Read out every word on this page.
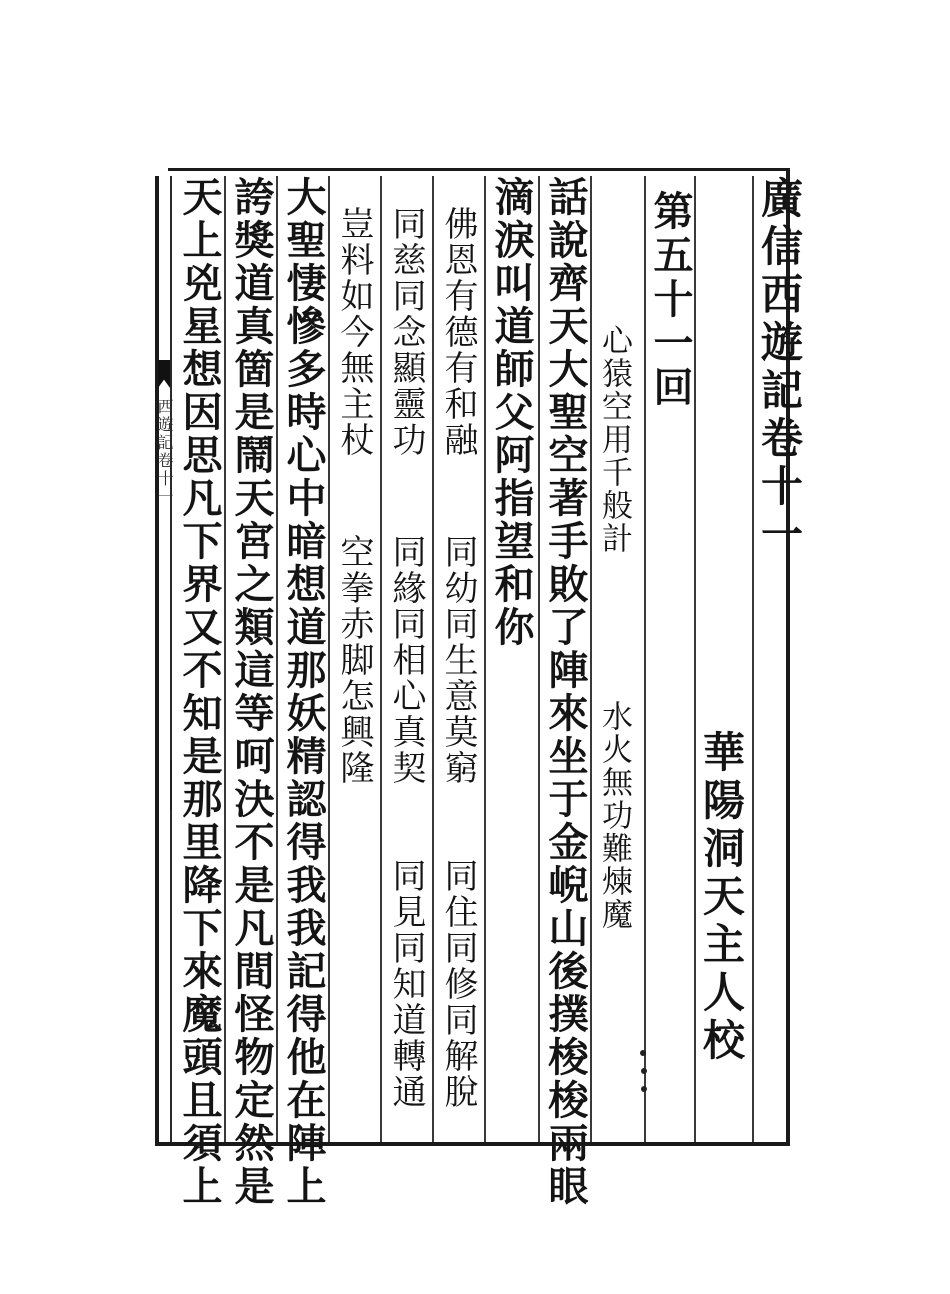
西遊記卷十一	廣信西遊記卷十一
華陽洞天主人校
第五十一回
心猿空用千般計
水火無功難煉魔
話說齊天大聖空著手敗了陣來坐于金𡸣山後撲梭梭兩眼
滴淚叫道師父阿指望和你
佛恩有德有和融
同幼同生意莫窮
同住同修同解脫
同慈同念顯靈功
同緣同相心真契
同見同知道轉通
豈料如今無主杖
空拳赤脚怎興隆
大聖悽慘多時心中暗想道那妖精認得我我記得他在陣上
誇獎道真箇是鬧天宮之類這等呵決不是凡間怪物定然是
天上兇星想因思凡下界又不知是那里降下來魔頭且須上
